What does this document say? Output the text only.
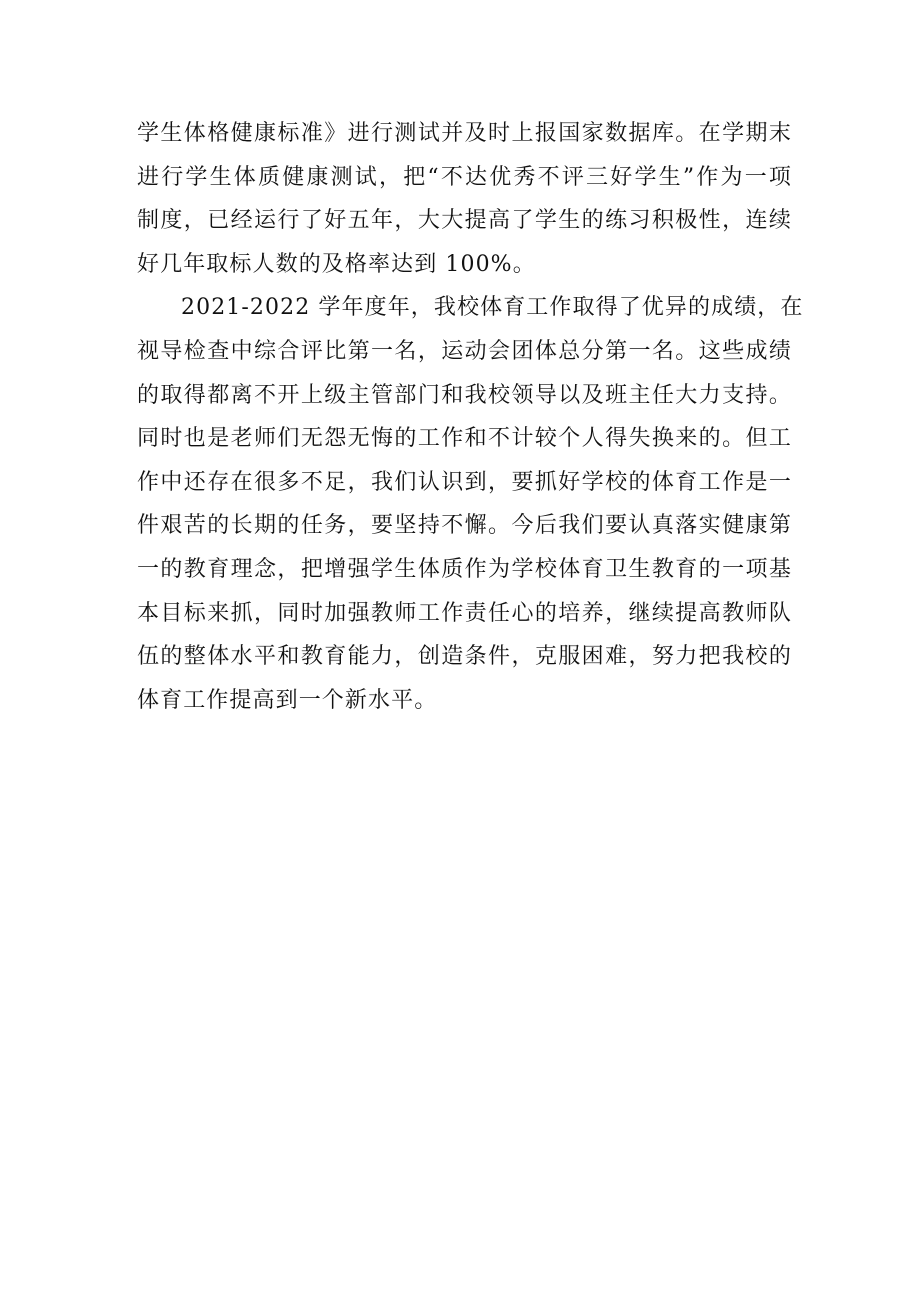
学生体格健康标准》进行测试并及时上报国家数据库。在学期末
进行学生体质健康测试，把“不达优秀不评三好学生”作为一项
制度，已经运行了好五年，大大提高了学生的练习积极性，连续
好几年取标人数的及格率达到 100%。
2021-2022 学年度年，我校体育工作取得了优异的成绩，在
视导检查中综合评比第一名，运动会团体总分第一名。这些成绩
的取得都离不开上级主管部门和我校领导以及班主任大力支持。
同时也是老师们无怨无悔的工作和不计较个人得失换来的。但工
作中还存在很多不足，我们认识到，要抓好学校的体育工作是一
件艰苦的长期的任务，要坚持不懈。今后我们要认真落实健康第
一的教育理念，把增强学生体质作为学校体育卫生教育的一项基
本目标来抓，同时加强教师工作责任心的培养，继续提高教师队
伍的整体水平和教育能力，创造条件，克服困难，努力把我校的
体育工作提高到一个新水平。
